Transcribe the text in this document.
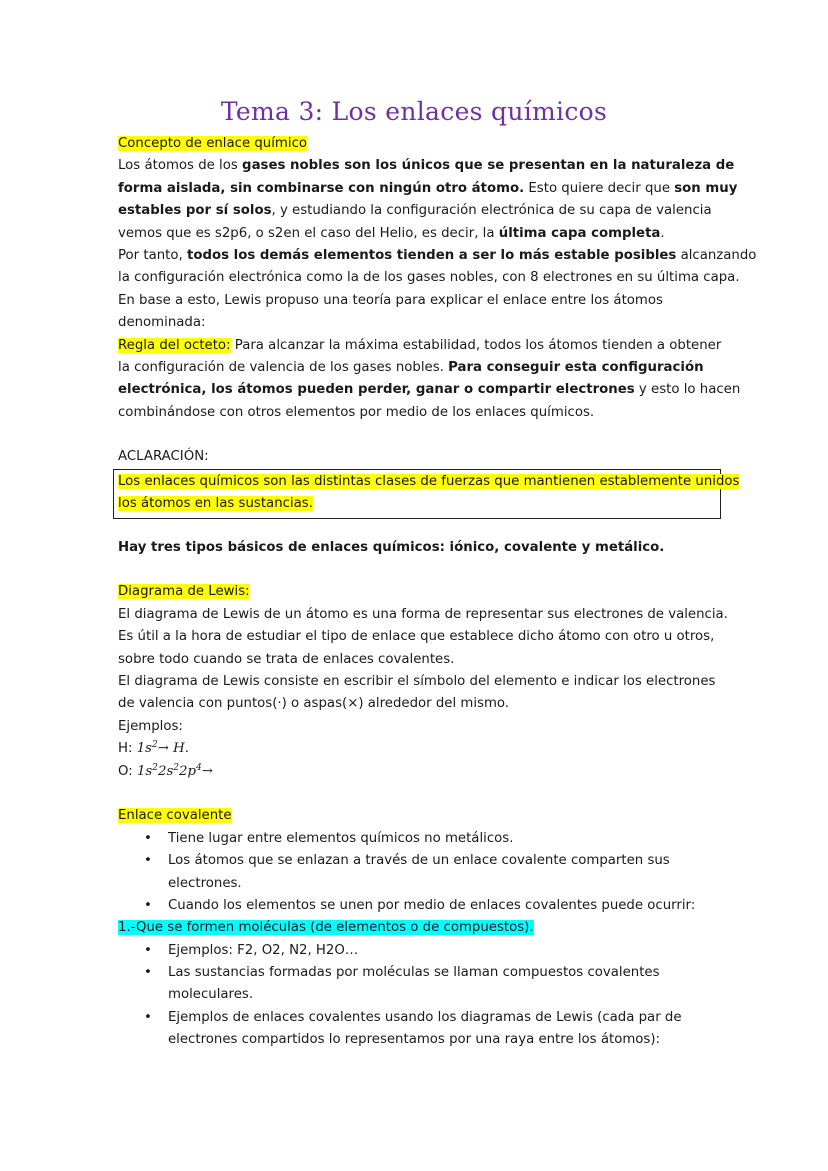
Tema 3: Los enlaces químicos
Concepto de enlace químico
Los átomos de los gases nobles son los únicos que se presentan en la naturaleza de
forma aislada, sin combinarse con ningún otro átomo. Esto quiere decir que son muy
estables por sí solos, y estudiando la configuración electrónica de su capa de valencia
vemos que es s2p6, o s2en el caso del Helio, es decir, la última capa completa.
Por tanto, todos los demás elementos tienden a ser lo más estable posibles alcanzando
la configuración electrónica como la de los gases nobles, con 8 electrones en su última capa.
En base a esto, Lewis propuso una teoría para explicar el enlace entre los átomos
denominada:
Regla del octeto: Para alcanzar la máxima estabilidad, todos los átomos tienden a obtener
la configuración de valencia de los gases nobles. Para conseguir esta configuración
electrónica, los átomos pueden perder, ganar o compartir electrones y esto lo hacen
combinándose con otros elementos por medio de los enlaces químicos.
ACLARACIÓN:
Los enlaces químicos son las distintas clases de fuerzas que mantienen establemente unidos
los átomos en las sustancias.
Hay tres tipos básicos de enlaces químicos: iónico, covalente y metálico.
Diagrama de Lewis:
El diagrama de Lewis de un átomo es una forma de representar sus electrones de valencia.
Es útil a la hora de estudiar el tipo de enlace que establece dicho átomo con otro u otros,
sobre todo cuando se trata de enlaces covalentes.
El diagrama de Lewis consiste en escribir el símbolo del elemento e indicar los electrones
de valencia con puntos(·) o aspas(×) alrededor del mismo.
Ejemplos:
H: $1s^2\to H$.
O: $1s^22s^22p^4\to$
Enlace covalente
• Tiene lugar entre elementos químicos no metálicos.
• Los átomos que se enlazan a través de un enlace covalente comparten sus
electrones.
• Cuando los elementos se unen por medio de enlaces covalentes puede ocurrir:
1.-Que se formen moléculas (de elementos o de compuestos).
• Ejemplos: F2, O2, N2, H2O…
• Las sustancias formadas por moléculas se llaman compuestos covalentes
moleculares.
• Ejemplos de enlaces covalentes usando los diagramas de Lewis (cada par de
electrones compartidos lo representamos por una raya entre los átomos):
